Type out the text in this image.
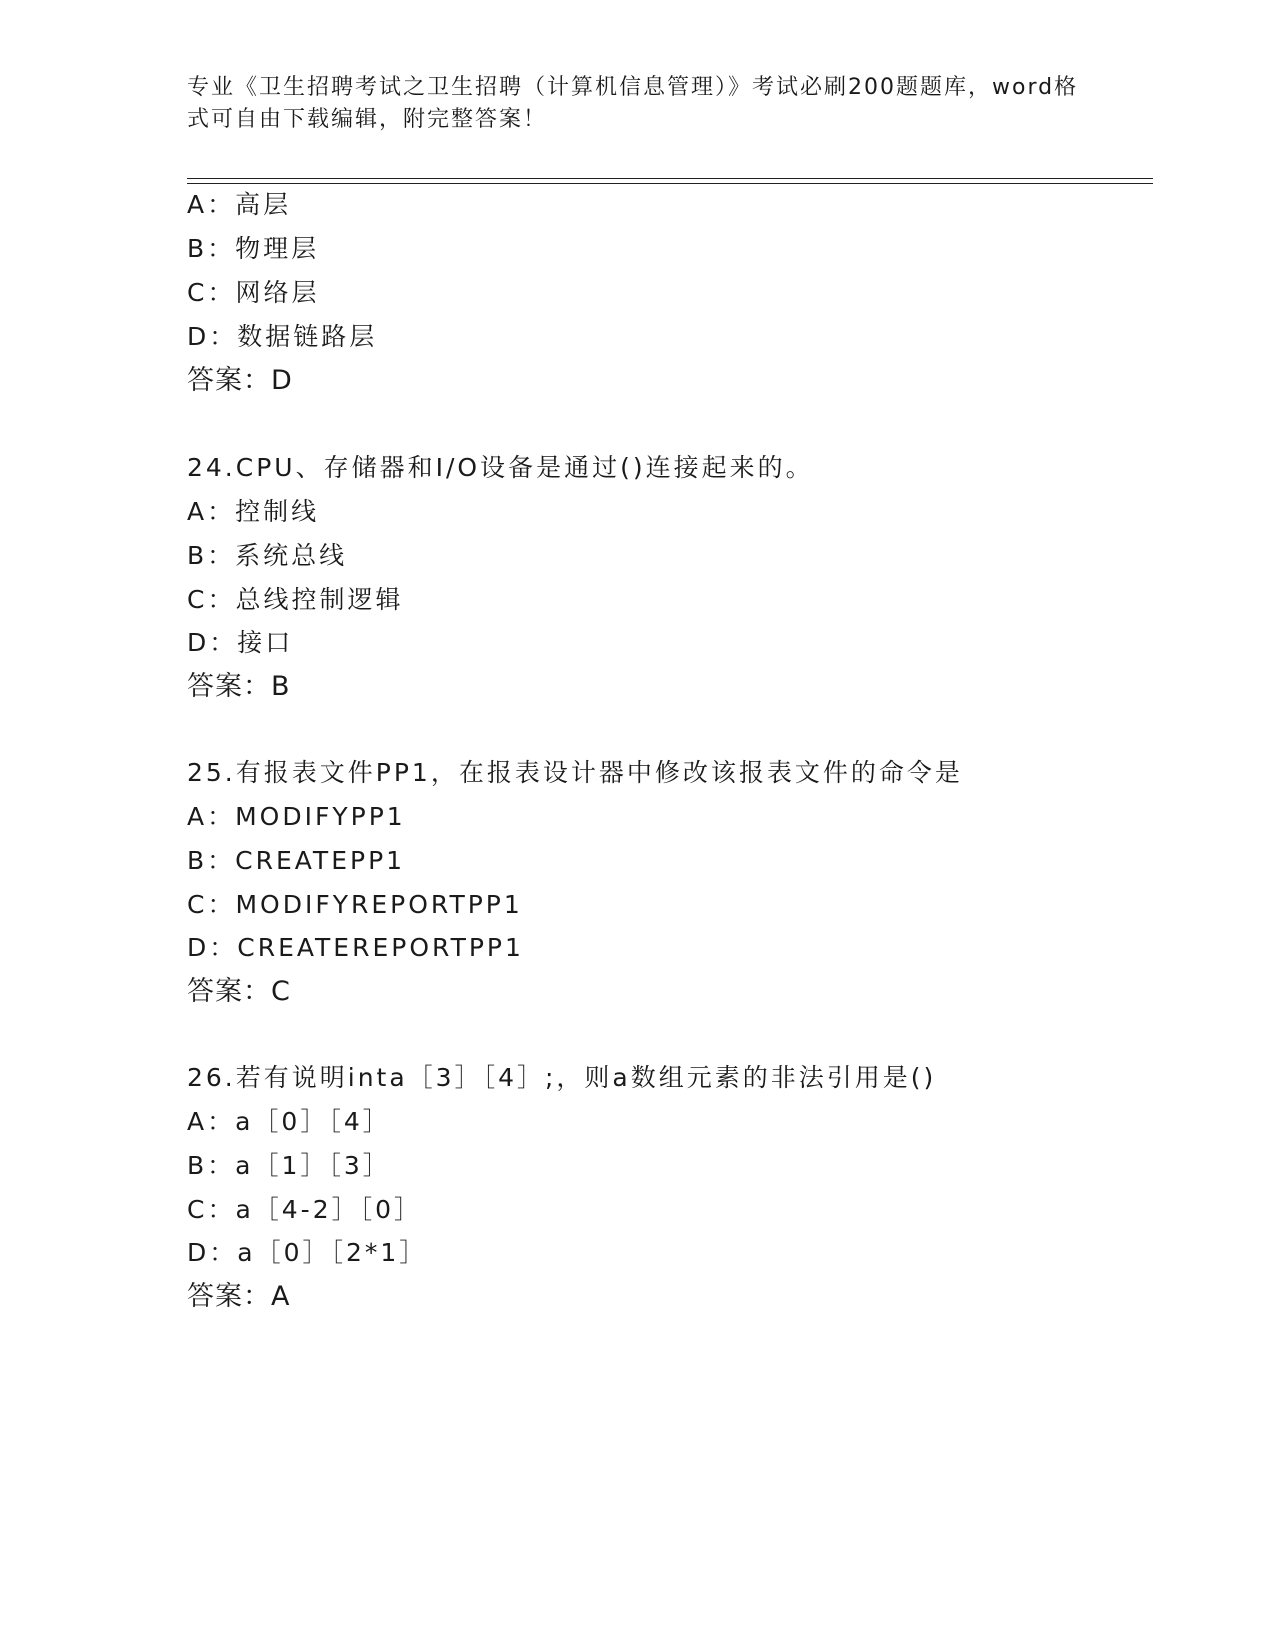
专业《卫生招聘考试之卫生招聘（计算机信息管理）》考试必刷200题题库，word格式可自由下载编辑，附完整答案！
A：高层
B：物理层
C：网络层
D：数据链路层
答案：D
24.CPU、存储器和I/O设备是通过()连接起来的。
A：控制线
B：系统总线
C：总线控制逻辑
D：接口
答案：B
25.有报表文件PP1，在报表设计器中修改该报表文件的命令是
A：MODIFYPP1
B：CREATEPP1
C：MODIFYREPORTPP1
D：CREATEREPORTPP1
答案：C
26.若有说明inta［3］［4］;，则a数组元素的非法引用是()
A：a［0］［4］
B：a［1］［3］
C：a［4-2］［0］
D：a［0］［2*1］
答案：A
